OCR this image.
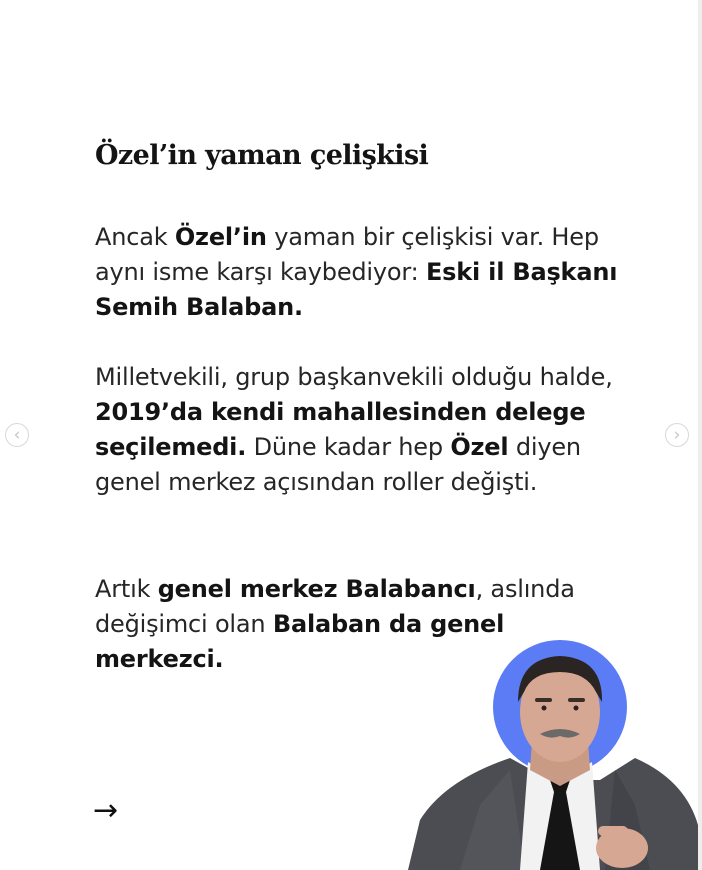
Özel’in yaman çelişkisi

Ancak Özel’in yaman bir çelişkisi var. Hep aynı isme karşı kaybediyor: Eski il Başkanı Semih Balaban.

Milletvekili, grup başkanvekili olduğu halde, 2019’da kendi mahallesinden delege seçilemedi. Düne kadar hep Özel diyen genel merkez açısından roller değişti.

Artık genel merkez Balabancı, aslında değişimci olan Balaban da genel merkezci.

→
‹	›
